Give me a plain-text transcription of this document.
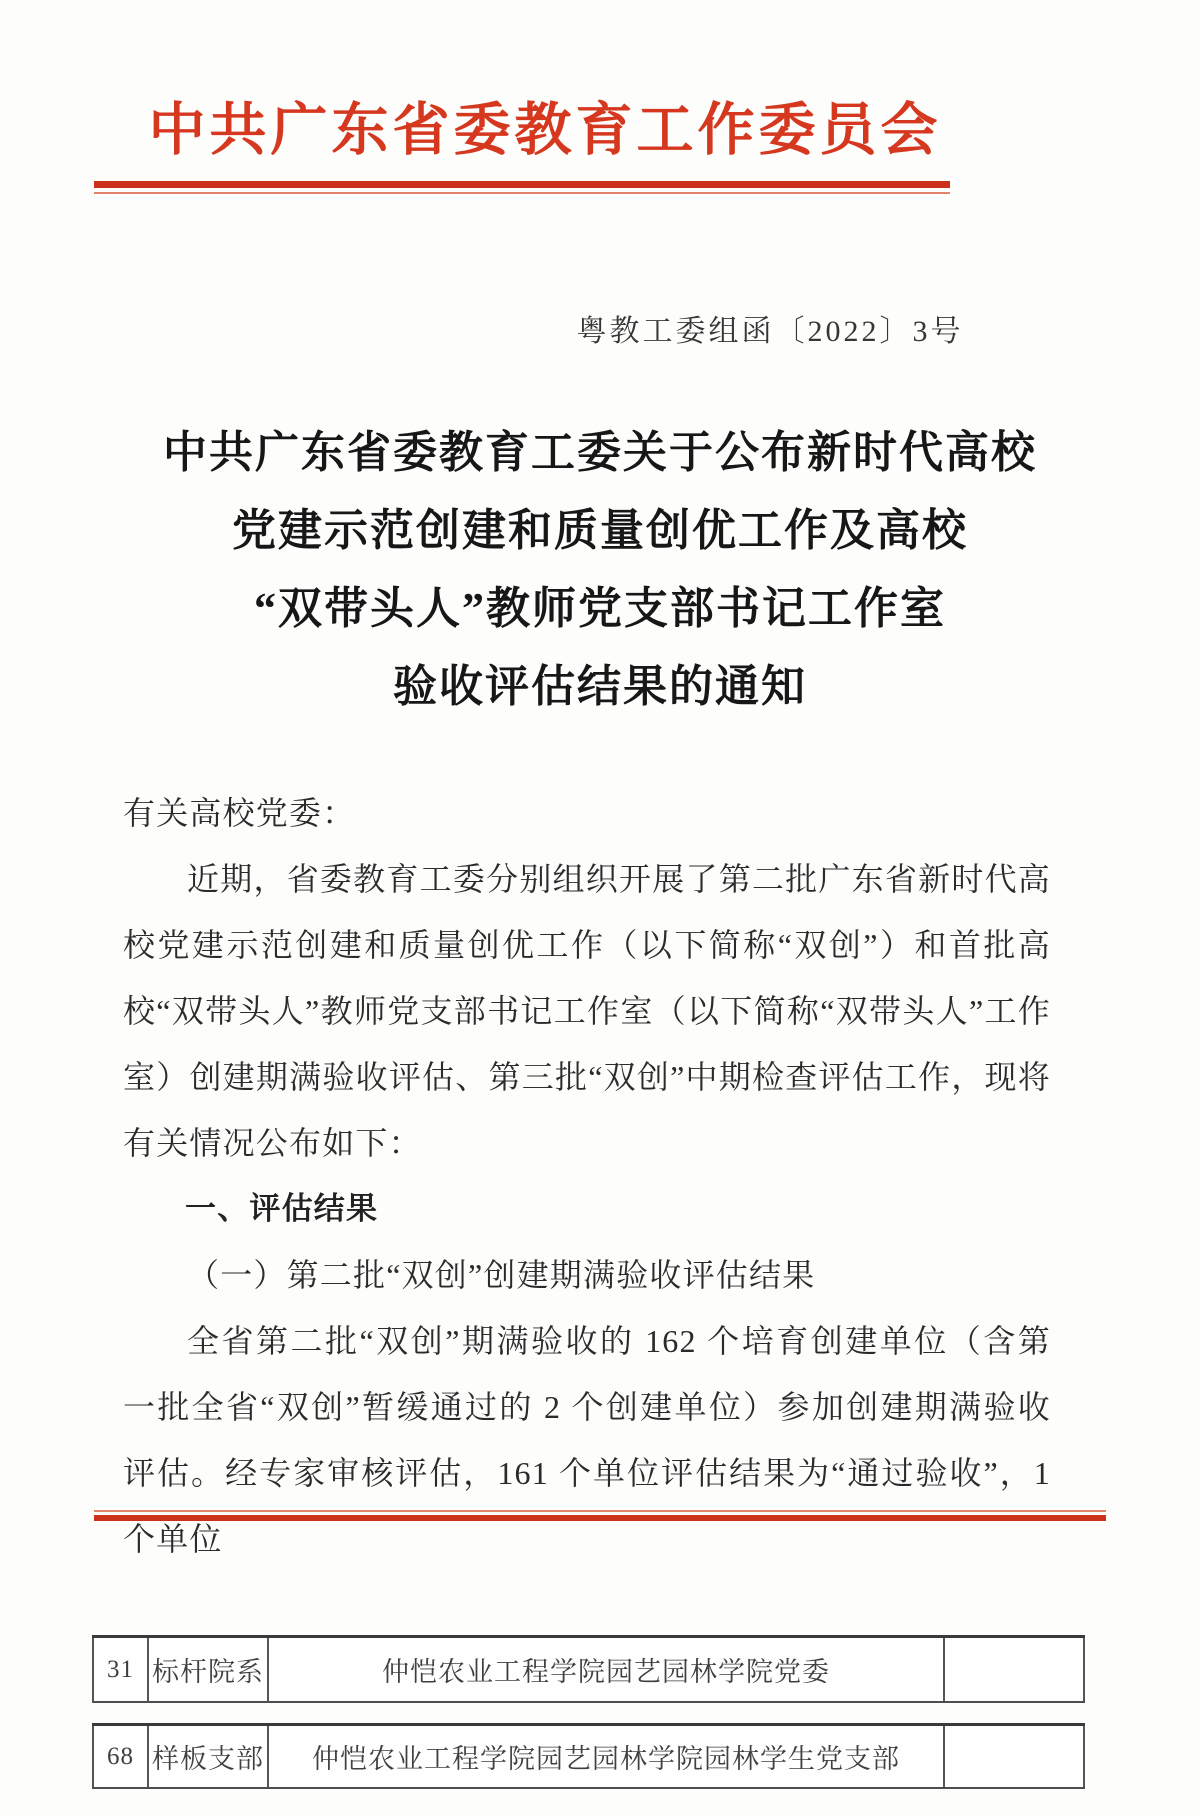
中共广东省委教育工作委员会
粤教工委组函〔2022〕3号
中共广东省委教育工委关于公布新时代高校
党建示范创建和质量创优工作及高校
“双带头人”教师党支部书记工作室
验收评估结果的通知

有关高校党委：

近期，省委教育工委分别组织开展了第二批广东省新时代高校党建示范创建和质量创优工作（以下简称“双创”）和首批高校“双带头人”教师党支部书记工作室（以下简称“双带头人”工作室）创建期满验收评估、第三批“双创”中期检查评估工作，现将有关情况公布如下：

一、评估结果

（一）第二批“双创”创建期满验收评估结果

全省第二批“双创”期满验收的 162 个培育创建单位（含第一批全省“双创”暂缓通过的 2 个创建单位）参加创建期满验收评估。经专家审核评估，161 个单位评估结果为“通过验收”，1 个单位

31 标杆院系	仲恺农业工程学院园艺园林学院党委
68 样板支部	仲恺农业工程学院园艺园林学院园林学生党支部
